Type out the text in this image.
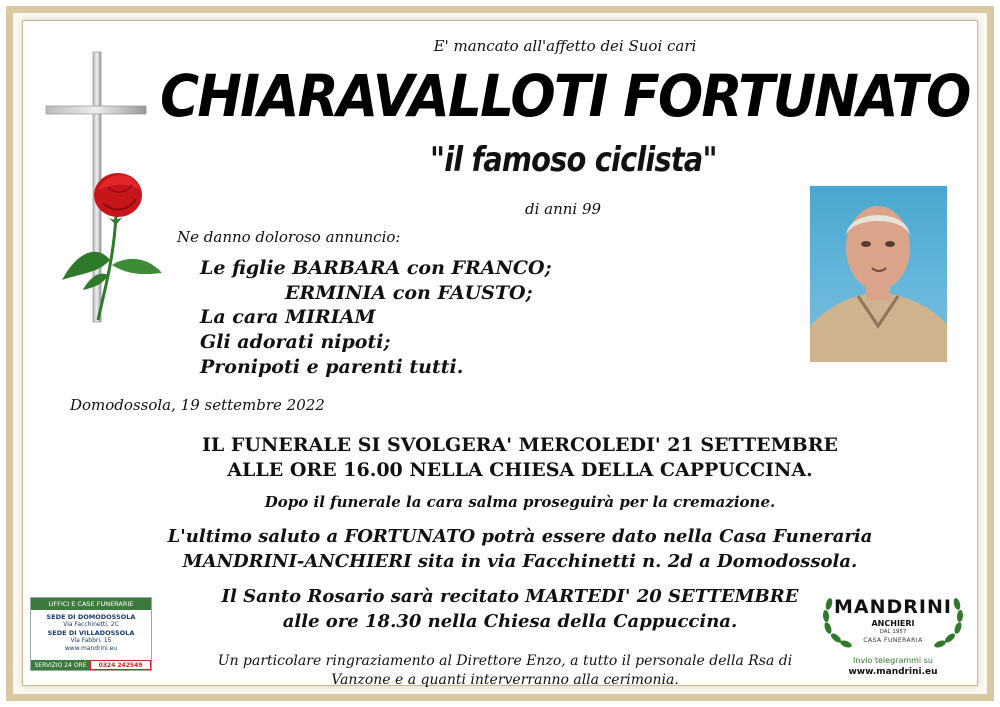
E' mancato all'affetto dei Suoi cari
CHIARAVALLOTI FORTUNATO
"il famoso ciclista"
di anni 99
Ne danno doloroso annuncio:
Le figlie BARBARA con FRANCO;
ERMINIA con FAUSTO;
La cara MIRIAM
Gli adorati nipoti;
Pronipoti e parenti tutti.
Domodossola, 19 settembre 2022
IL FUNERALE SI SVOLGERA' MERCOLEDI' 21 SETTEMBRE
ALLE ORE 16.00 NELLA CHIESA DELLA CAPPUCCINA.
Dopo il funerale la cara salma proseguirà per la cremazione.
L'ultimo saluto a FORTUNATO potrà essere dato nella Casa Funeraria
MANDRINI-ANCHIERI sita in via Facchinetti n. 2d a Domodossola.
Il Santo Rosario sarà recitato MARTEDI' 20 SETTEMBRE
alle ore 18.30 nella Chiesa della Cappuccina.
Un particolare ringraziamento al Direttore Enzo, a tutto il personale della Rsa di
Vanzone e a quanti interverranno alla cerimonia.
UFFICI E CASE FUNERARIE
SEDE DI DOMODOSSOLA
Via Facchinetti, 2C
SEDE DI VILLADOSSOLA
Via Fabbri, 15
www.mandrini.eu
SERVIZIO 24 ORE	0324 242549
MANDRINI
ANCHIERI
DAL 1957
CASA FUNERARIA
Invio telegrammi su
www.mandrini.eu
